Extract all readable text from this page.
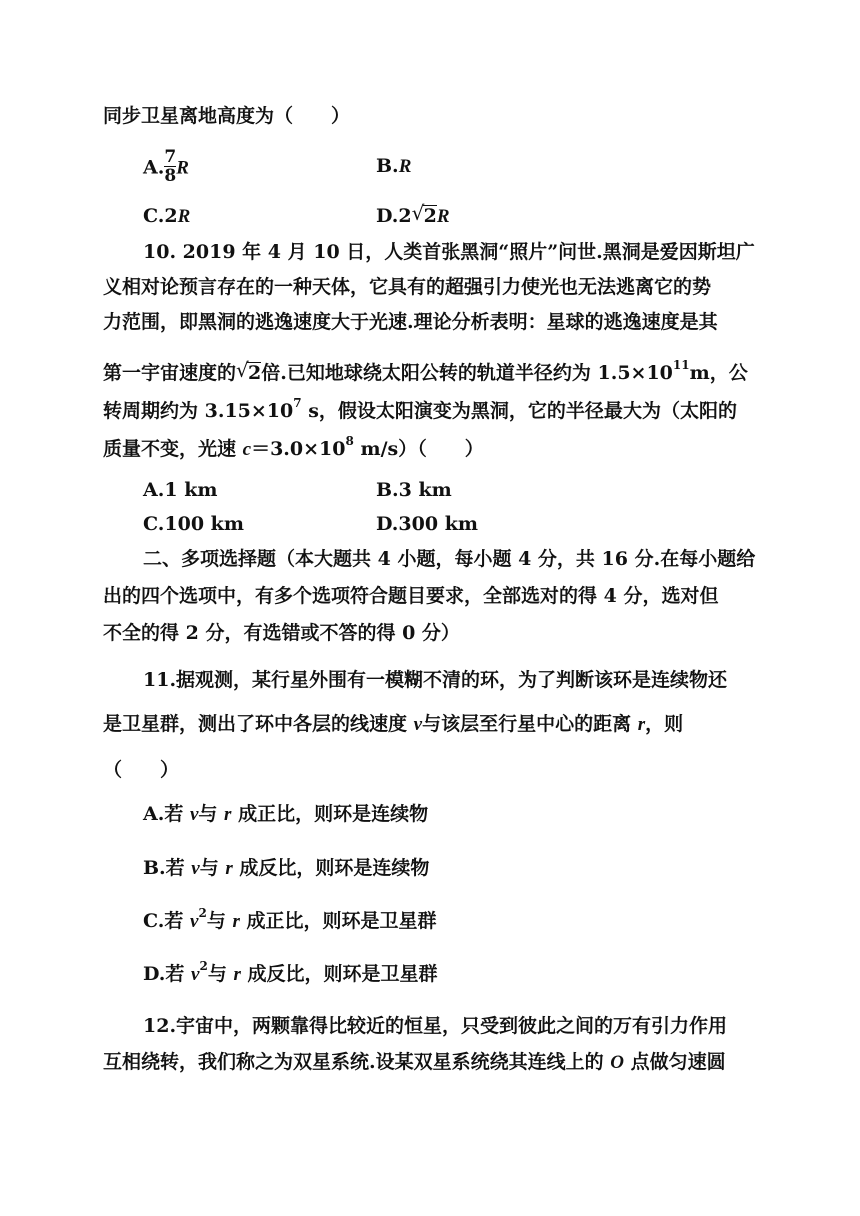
同步卫星离地高度为（　　）
A. $\frac{7}{8}$ R	B.R
C.2R	D.2 √ 2R
10. 2019 年 4 月 10 日，人类首张黑洞“照片”问世.黑洞是爱因斯坦广
义相对论预言存在的一种天体，它具有的超强引力使光也无法逃离它的势
力范围，即黑洞的逃逸速度大于光速.理论分析表明：星球的逃逸速度是其
第一宇宙速度的 √ 2倍.已知地球绕太阳公转的轨道半径约为 $1.5\times 10^{11}m$，公
转周期约为 $3.15\times 10^7$ s，假设太阳演变为黑洞，它的半径最大为（太阳的
质量不变，光速 $c=3.0\times 10^8$ m/s）（　　）
A.1 km	B.3 km
C.100 km	D.300 km
二、多项选择题（本大题共 4 小题，每小题 4 分，共 16 分.在每小题给
出的四个选项中，有多个选项符合题目要求，全部选对的得 4 分，选对但
不全的得 2 分，有选错或不答的得 0 分）
11.据观测，某行星外围有一模糊不清的环，为了判断该环是连续物还
是卫星群，测出了环中各层的线速度 v与该层至行星中心的距离 r，则
（　　）
A.若 v与 r 成正比，则环是连续物
B.若 v与 r 成反比，则环是连续物
C.若 $v^2$与 r 成正比，则环是卫星群
D.若 $v^2$与 r 成反比，则环是卫星群
12.宇宙中，两颗靠得比较近的恒星，只受到彼此之间的万有引力作用
互相绕转，我们称之为双星系统.设某双星系统绕其连线上的 O 点做匀速圆
